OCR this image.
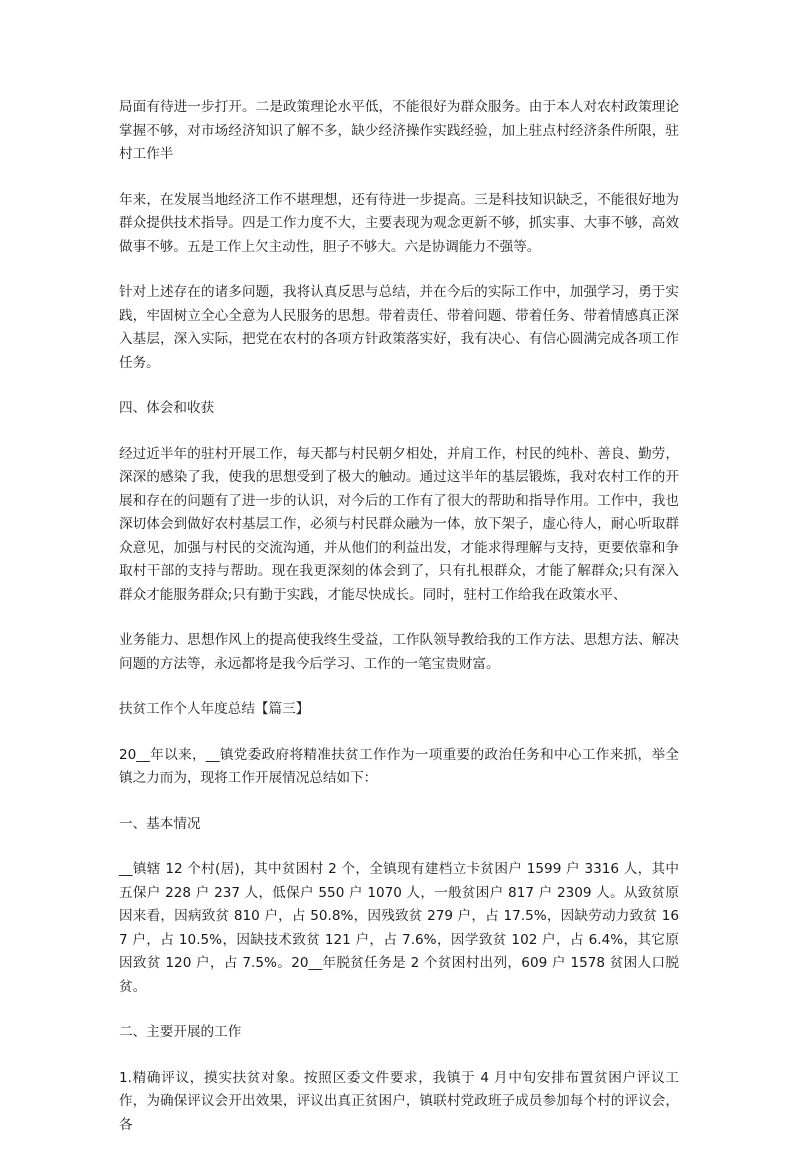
局面有待进一步打开。二是政策理论水平低，不能很好为群众服务。由于本人对农村政策理论掌握不够，对市场经济知识了解不多，缺少经济操作实践经验，加上驻点村经济条件所限，驻村工作半

年来，在发展当地经济工作不堪理想，还有待进一步提高。三是科技知识缺乏，不能很好地为群众提供技术指导。四是工作力度不大，主要表现为观念更新不够，抓实事、大事不够，高效做事不够。五是工作上欠主动性，胆子不够大。六是协调能力不强等。

针对上述存在的诸多问题，我将认真反思与总结，并在今后的实际工作中，加强学习，勇于实践，牢固树立全心全意为人民服务的思想。带着责任、带着问题、带着任务、带着情感真正深入基层，深入实际，把党在农村的各项方针政策落实好，我有决心、有信心圆满完成各项工作任务。

四、体会和收获

经过近半年的驻村开展工作，每天都与村民朝夕相处，并肩工作，村民的纯朴、善良、勤劳，深深的感染了我，使我的思想受到了极大的触动。通过这半年的基层锻炼，我对农村工作的开展和存在的问题有了进一步的认识，对今后的工作有了很大的帮助和指导作用。工作中，我也深切体会到做好农村基层工作，必须与村民群众融为一体，放下架子，虚心待人，耐心听取群众意见，加强与村民的交流沟通，并从他们的利益出发，才能求得理解与支持，更要依靠和争取村干部的支持与帮助。现在我更深刻的体会到了，只有扎根群众，才能了解群众;只有深入群众才能服务群众;只有勤于实践，才能尽快成长。同时，驻村工作给我在政策水平、

业务能力、思想作风上的提高使我终生受益，工作队领导教给我的工作方法、思想方法、解决问题的方法等，永远都将是我今后学习、工作的一笔宝贵财富。

扶贫工作个人年度总结【篇三】

20__年以来，__镇党委政府将精准扶贫工作作为一项重要的政治任务和中心工作来抓，举全镇之力而为，现将工作开展情况总结如下：

一、基本情况

__镇辖 12 个村(居)，其中贫困村 2 个，全镇现有建档立卡贫困户 1599 户 3316 人，其中五保户 228 户 237 人，低保户 550 户 1070 人，一般贫困户 817 户 2309 人。从致贫原因来看，因病致贫 810 户，占 50.8%，因残致贫 279 户，占 17.5%，因缺劳动力致贫 167 户，占 10.5%，因缺技术致贫 121 户，占 7.6%，因学致贫 102 户，占 6.4%，其它原因致贫 120 户，占 7.5%。20__年脱贫任务是 2 个贫困村出列，609 户 1578 贫困人口脱贫。

二、主要开展的工作

1.精确评议，摸实扶贫对象。按照区委文件要求，我镇于 4 月中旬安排布置贫困户评议工作，为确保评议会开出效果，评议出真正贫困户，镇联村党政班子成员参加每个村的评议会，各
